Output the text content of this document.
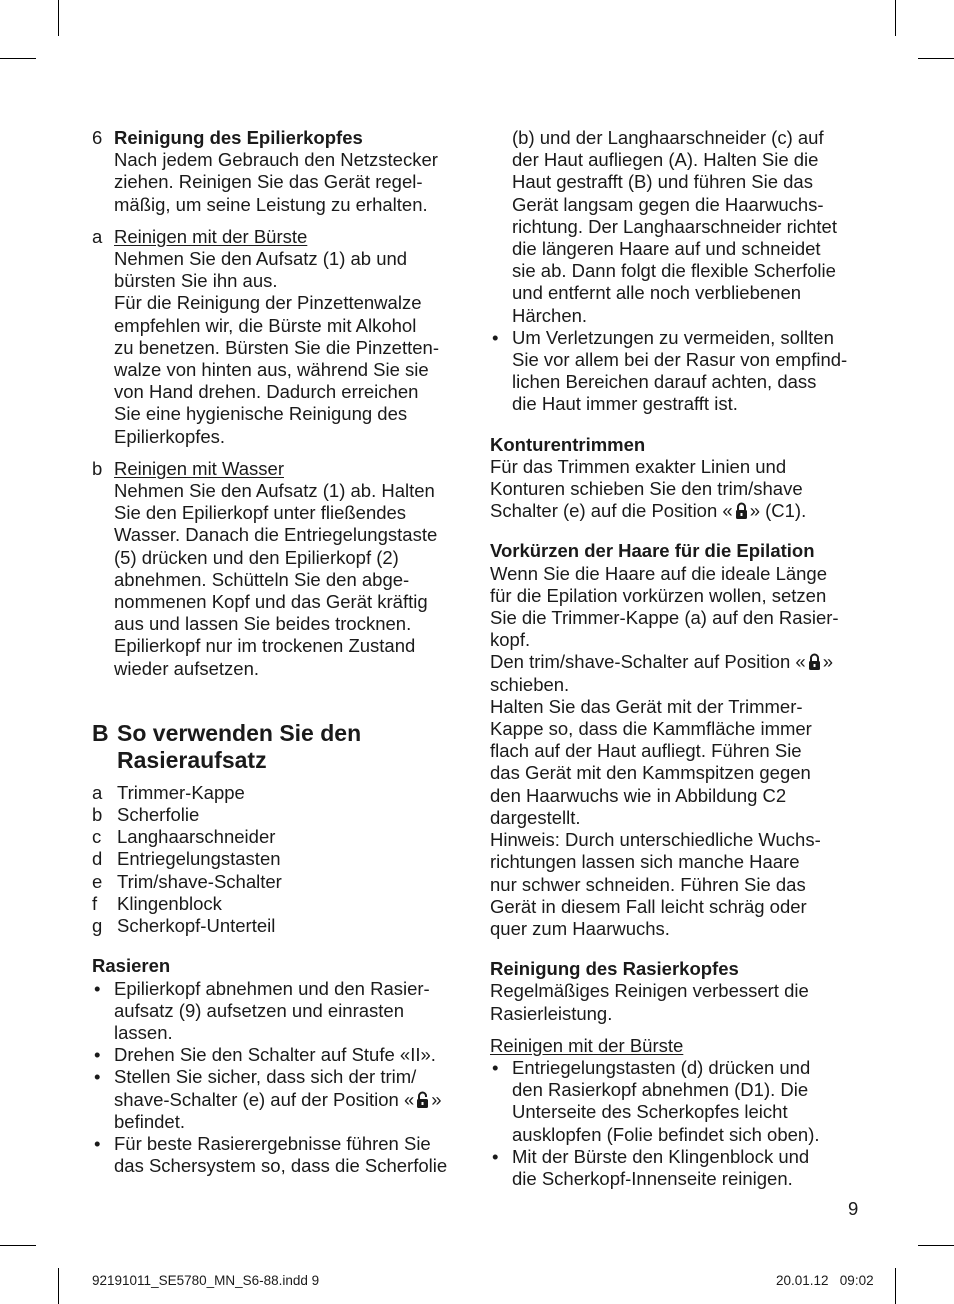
6 Reinigung des Epilierkopfes
Nach jedem Gebrauch den Netzstecker
ziehen. Reinigen Sie das Gerät regel-
mäßig, um seine Leistung zu erhalten.
a Reinigen mit der Bürste
Nehmen Sie den Aufsatz (1) ab und
bürsten Sie ihn aus.
Für die Reinigung der Pinzettenwalze
empfehlen wir, die Bürste mit Alkohol
zu benetzen. Bürsten Sie die Pinzetten-
walze von hinten aus, während Sie sie
von Hand drehen. Dadurch erreichen
Sie eine hygienische Reinigung des
Epilierkopfes.
b Reinigen mit Wasser
Nehmen Sie den Aufsatz (1) ab. Halten
Sie den Epilierkopf unter fließendes
Wasser. Danach die Entriegelungstaste
(5) drücken und den Epilierkopf (2)
abnehmen. Schütteln Sie den abge-
nommenen Kopf und das Gerät kräftig
aus und lassen Sie beides trocknen.
Epilierkopf nur im trockenen Zustand
wieder aufsetzen.
B So verwenden Sie den
Rasieraufsatz
a Trimmer-Kappe
b Scherfolie
c Langhaarschneider
d Entriegelungstasten
e Trim/shave-Schalter
f	Klingenblock
g Scherkopf-Unterteil
Rasieren
• Epilierkopf abnehmen und den Rasier-
aufsatz (9) aufsetzen und einrasten
lassen.
• Drehen Sie den Schalter auf Stufe «II».
• Stellen Sie sicher, dass sich der trim/
shave-Schalter (e) auf der Position « »
befindet.
• Für beste Rasierergebnisse führen Sie
das Schersystem so, dass die Scherfolie
(b) und der Langhaarschneider (c) auf
der Haut aufliegen (A). Halten Sie die
Haut gestrafft (B) und führen Sie das
Gerät langsam gegen die Haarwuchs-
richtung. Der Langhaarschneider richtet
die längeren Haare auf und schneidet
sie ab. Dann folgt die flexible Scherfolie
und entfernt alle noch verbliebenen
Härchen.
• Um Verletzungen zu vermeiden, sollten
Sie vor allem bei der Rasur von empfind-
lichen Bereichen darauf achten, dass
die Haut immer gestrafft ist.
Konturentrimmen
Für das Trimmen exakter Linien und
Konturen schieben Sie den trim/shave
Schalter (e) auf die Position « » (C1).
Vorkürzen der Haare für die Epilation
Wenn Sie die Haare auf die ideale Länge
für die Epilation vorkürzen wollen, setzen
Sie die Trimmer-Kappe (a) auf den Rasier-
kopf.
Den trim/shave-Schalter auf Position « »
schieben.
Halten Sie das Gerät mit der Trimmer-
Kappe so, dass die Kammfläche immer
flach auf der Haut aufliegt. Führen Sie
das Gerät mit den Kammspitzen gegen
den Haarwuchs wie in Abbildung C2
dargestellt.
Hinweis: Durch unterschiedliche Wuchs-
richtungen lassen sich manche Haare
nur schwer schneiden. Führen Sie das
Gerät in diesem Fall leicht schräg oder
quer zum Haarwuchs.
Reinigung des Rasierkopfes
Regelmäßiges Reinigen verbessert die
Rasierleistung.
Reinigen mit der Bürste
• Entriegelungstasten (d) drücken und
den Rasierkopf abnehmen (D1). Die
Unterseite des Scherkopfes leicht
ausklopfen (Folie befindet sich oben).
• Mit der Bürste den Klingenblock und
die Scherkopf-Innenseite reinigen.
9
92191011_SE5780_MN_S6-88.indd 9	20.01.12   09:02
